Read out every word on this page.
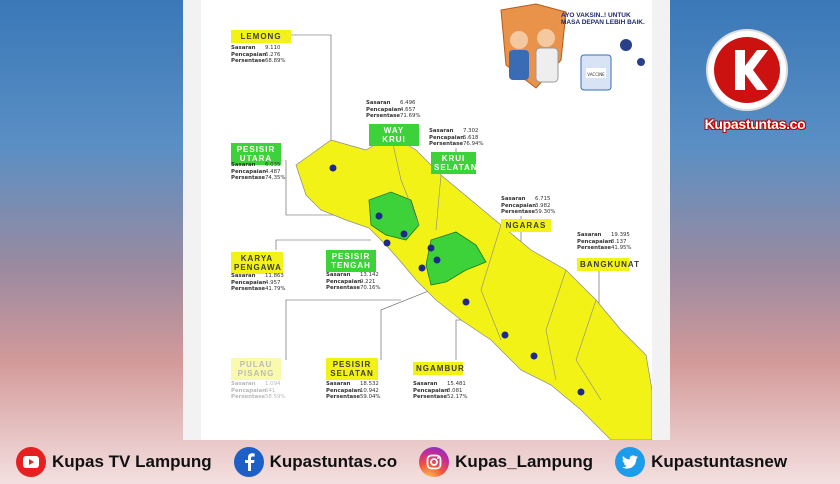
VACCINE
AYO VAKSIN..! UNTUK MASA DEPAN LEBIH BAIK.
LEMONG
Sasaran	9.110
Pencapaian
6.276
Persentase 68.89%
Sasaran	6.496
Pencapaian
4.657
Persentase 71.69%
WAY KRUI
Sasaran	7.302
Pencapaian
5.618
Persentase 76.94%
KRUI SELATAN
PESISIR UTARA
Sasaran	6.035
Pencapaian
4.487
Persentase 74,35%
Sasaran	6.715
Pencapaian
3.982
Persentase 59.30%
NGARAS
Sasaran	19.395
Pencapaian
8.137
Persentase 41.95%
BANGKUNAT
KARYA PENGAWA
Sasaran	11.863
Pencapaian
4.957
Persentase 41.79%
PESISIR TENGAH
Sasaran	13.142
Pencapaian
9.221
Persentase 70.16%
PULAU PISANG
Sasaran	1.094
Pencapaian
641
Persentase 58.59%
PESISIR SELATAN
Sasaran	18.532
Pencapaian
10.942
Persentase 59.04%
NGAMBUR
Sasaran	15.481
Pencapaian
8.081
Persentase 52.17%
Kupastuntas.co
Kupas TV Lampung	Kupastuntas.co	Kupas_Lampung	Kupastuntasnew
